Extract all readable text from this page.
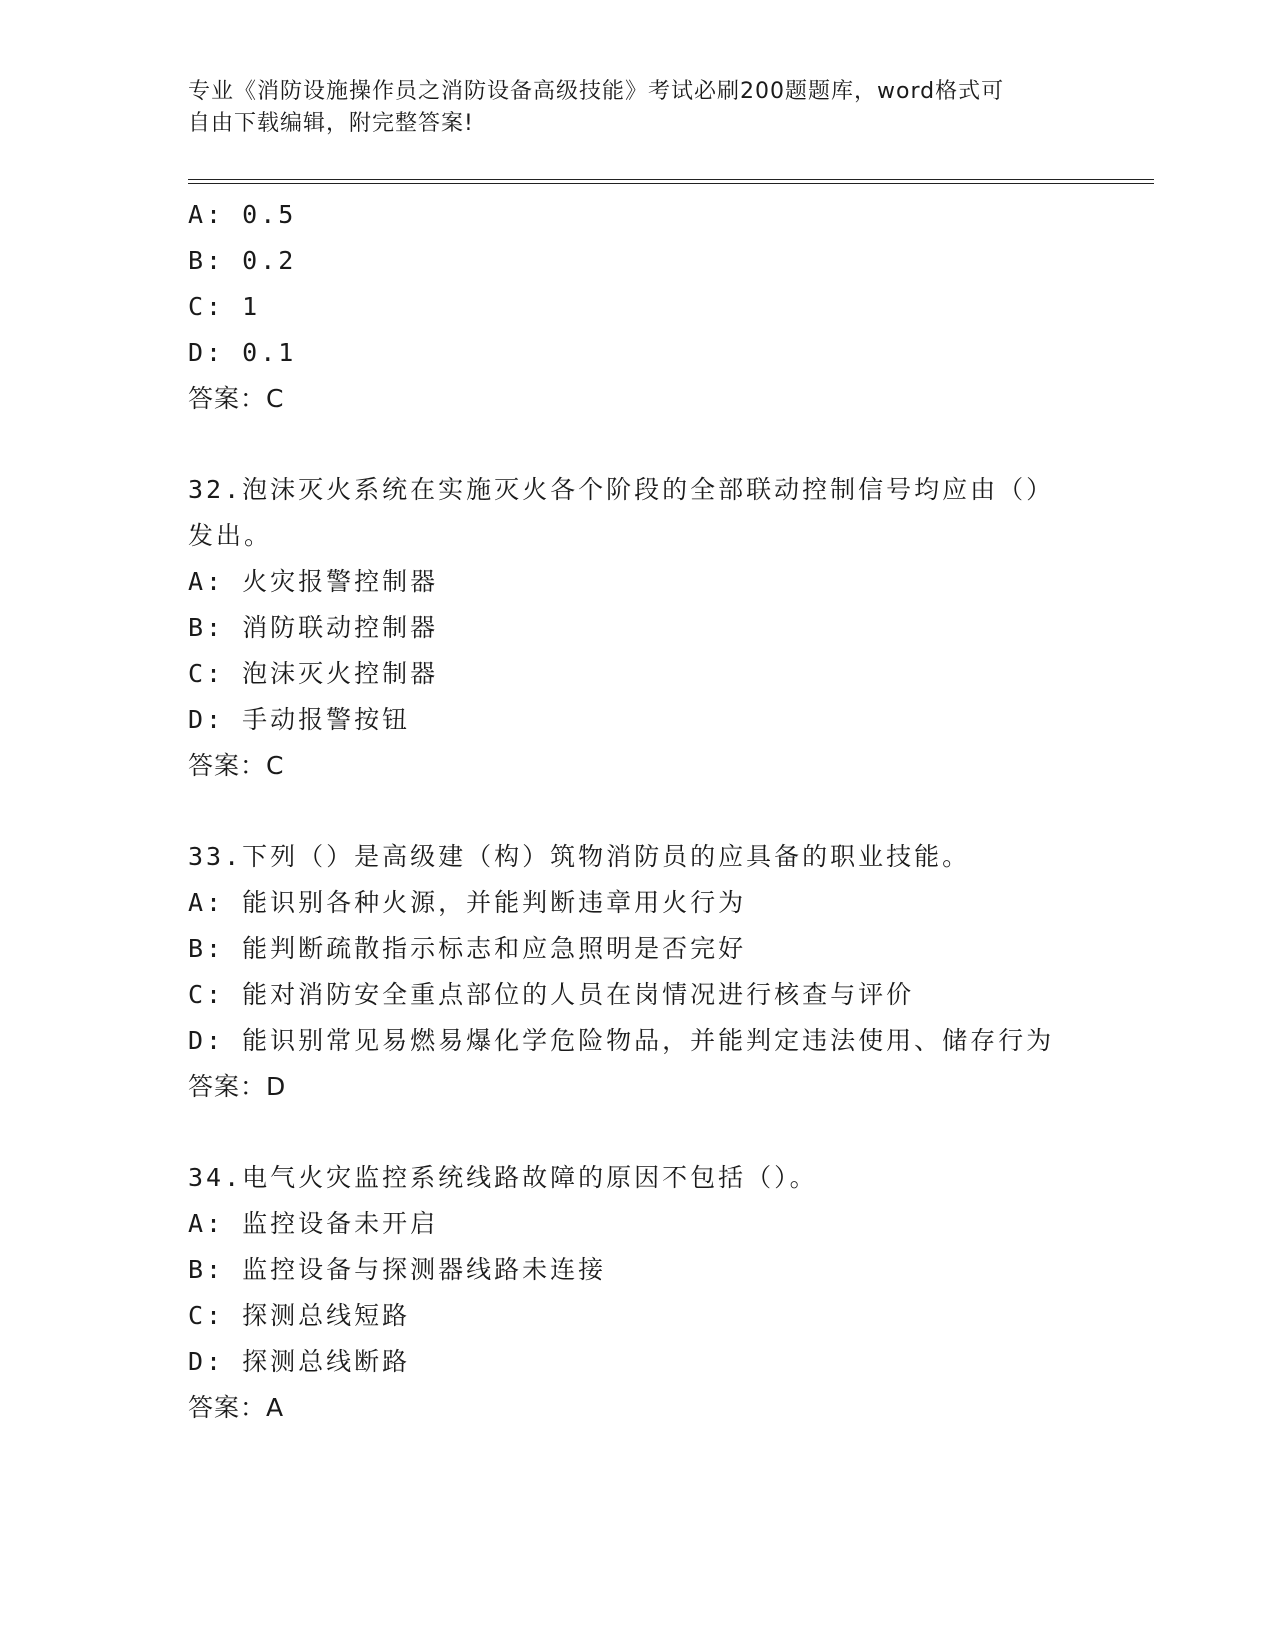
专业《消防设施操作员之消防设备高级技能》考试必刷200题题库，word格式可
自由下载编辑，附完整答案!
A: 0.5
B: 0.2
C: 1
D: 0.1
答案：C
32.泡沫灭火系统在实施灭火各个阶段的全部联动控制信号均应由（）
发出。
A: 火灾报警控制器
B: 消防联动控制器
C: 泡沫灭火控制器
D: 手动报警按钮
答案：C
33.下列（）是高级建（构）筑物消防员的应具备的职业技能。
A: 能识别各种火源，并能判断违章用火行为
B: 能判断疏散指示标志和应急照明是否完好
C: 能对消防安全重点部位的人员在岗情况进行核查与评价
D: 能识别常见易燃易爆化学危险物品，并能判定违法使用、储存行为
答案：D
34.电气火灾监控系统线路故障的原因不包括（）。
A: 监控设备未开启
B: 监控设备与探测器线路未连接
C: 探测总线短路
D: 探测总线断路
答案：A
